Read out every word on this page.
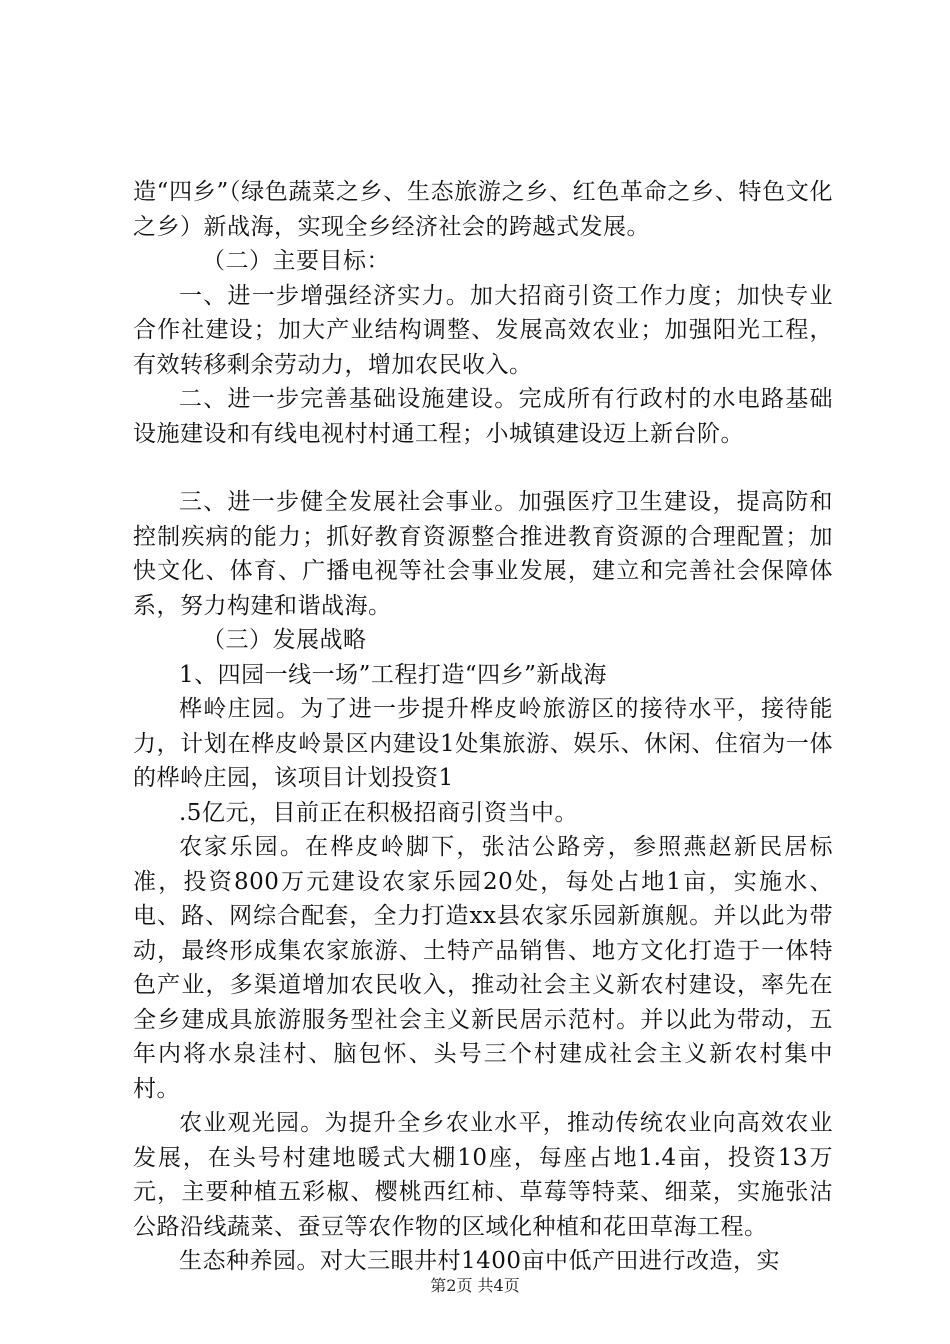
造“四乡”（绿色蔬菜之乡、生态旅游之乡、红色革命之乡、特色文化之乡）新战海，实现全乡经济社会的跨越式发展。

（二）主要目标：

一、进一步增强经济实力。加大招商引资工作力度；加快专业合作社建设；加大产业结构调整、发展高效农业；加强阳光工程，有效转移剩余劳动力，增加农民收入。

二、进一步完善基础设施建设。完成所有行政村的水电路基础设施建设和有线电视村村通工程；小城镇建设迈上新台阶。

三、进一步健全发展社会事业。加强医疗卫生建设，提高防和控制疾病的能力；抓好教育资源整合推进教育资源的合理配置；加快文化、体育、广播电视等社会事业发展，建立和完善社会保障体系，努力构建和谐战海。

（三）发展战略

1、四园一线一场”工程打造“四乡”新战海

桦岭庄园。为了进一步提升桦皮岭旅游区的接待水平，接待能力，计划在桦皮岭景区内建设1处集旅游、娱乐、休闲、住宿为一体的桦岭庄园，该项目计划投资1

.5亿元，目前正在积极招商引资当中。

农家乐园。在桦皮岭脚下，张沽公路旁，参照燕赵新民居标准，投资800万元建设农家乐园20处，每处占地1亩，实施水、电、路、网综合配套，全力打造xx县农家乐园新旗舰。并以此为带动，最终形成集农家旅游、土特产品销售、地方文化打造于一体特色产业，多渠道增加农民收入，推动社会主义新农村建设，率先在全乡建成具旅游服务型社会主义新民居示范村。并以此为带动，五年内将水泉洼村、脑包怀、头号三个村建成社会主义新农村集中村。

农业观光园。为提升全乡农业水平，推动传统农业向高效农业发展，在头号村建地暖式大棚10座，每座占地1.4亩，投资13万元，主要种植五彩椒、樱桃西红柿、草莓等特菜、细菜，实施张沽公路沿线蔬菜、蚕豆等农作物的区域化种植和花田草海工程。

生态种养园。对大三眼井村1400亩中低产田进行改造，实

第2页 共4页
